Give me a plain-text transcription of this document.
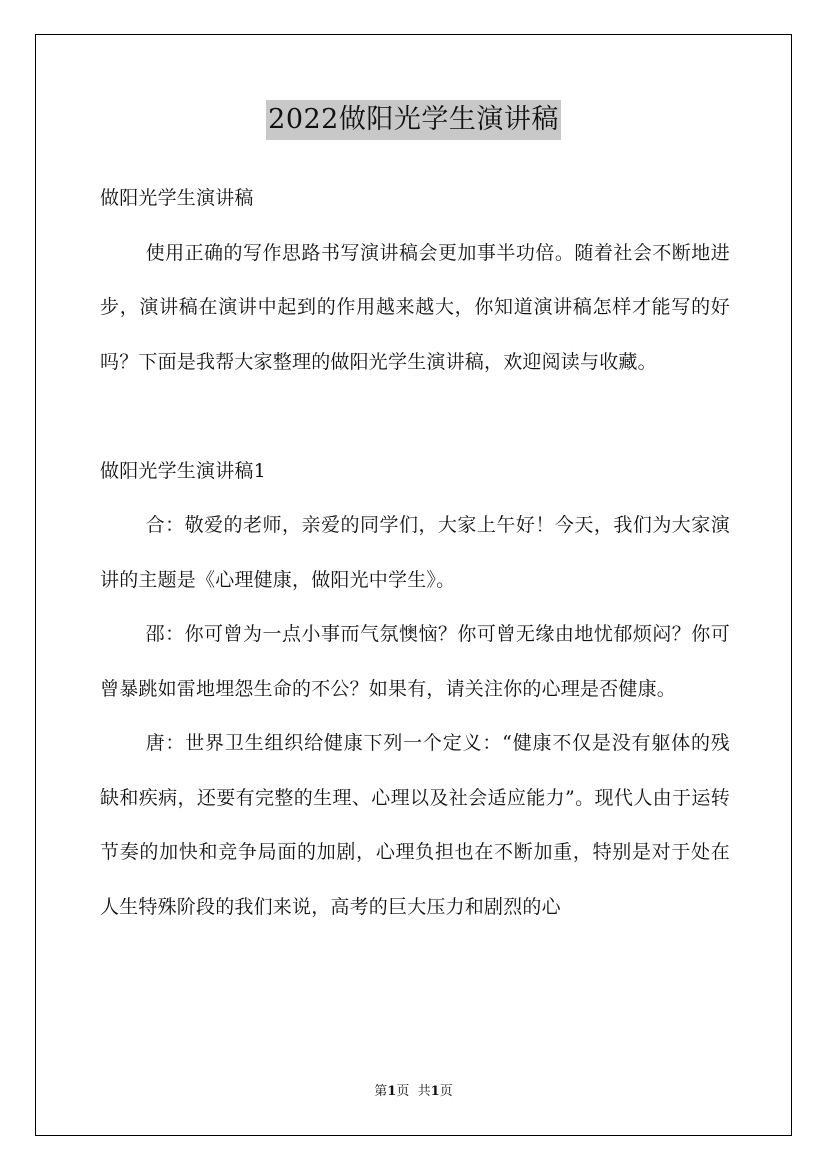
2022做阳光学生演讲稿

做阳光学生演讲稿

使用正确的写作思路书写演讲稿会更加事半功倍。随着社会不断地进步，演讲稿在演讲中起到的作用越来越大，你知道演讲稿怎样才能写的好吗？下面是我帮大家整理的做阳光学生演讲稿，欢迎阅读与收藏。

做阳光学生演讲稿1

合：敬爱的老师，亲爱的同学们，大家上午好！今天，我们为大家演讲的主题是《心理健康，做阳光中学生》。

邵：你可曾为一点小事而气氛懊恼？你可曾无缘由地忧郁烦闷？你可曾暴跳如雷地埋怨生命的不公？如果有，请关注你的心理是否健康。

唐：世界卫生组织给健康下列一个定义：“健康不仅是没有躯体的残缺和疾病，还要有完整的生理、心理以及社会适应能力”。现代人由于运转节奏的加快和竞争局面的加剧，心理负担也在不断加重，特别是对于处在人生特殊阶段的我们来说，高考的巨大压力和剧烈的心

第1页 共1页
